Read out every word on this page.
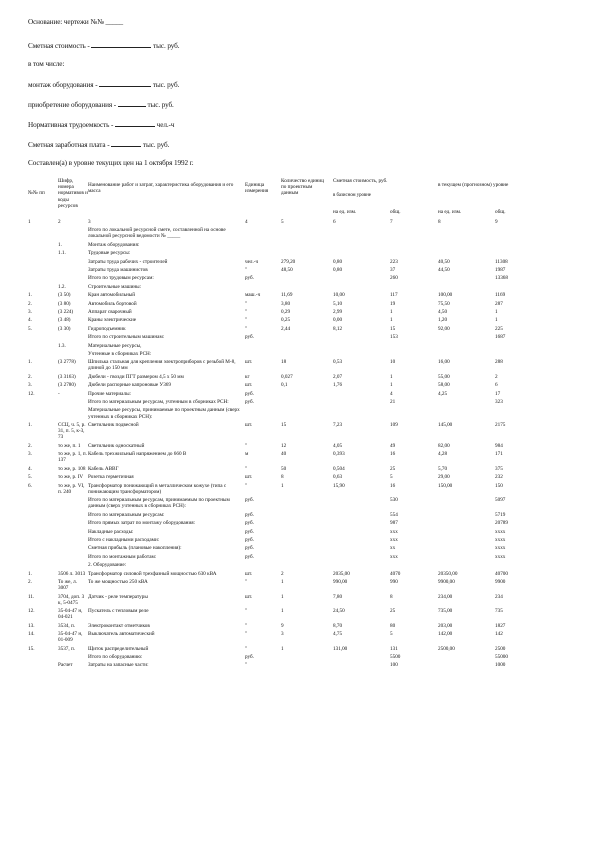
Основание: чертежи №№ _____
Сметная стоимость -	тыс. руб.
в том числе:
монтаж оборудования -	тыс. руб.
приобретение оборудования -	тыс. руб.
Нормативная трудоемкость -	чел.-ч
Сметная заработная плата -	тыс. руб.
Составлен(а) в уровне текущих цен на 1 октября 1992 г.
№№ пп	Шифр, номера нормативов и коды ресурсов	Наименование работ и затрат, характеристика оборудования и его масса	Единица измерения	Количество единиц по проектным данным	Сметная стоимость, руб.		в текущем (прогнозном) уровне	
					в базисном уровне			
					на ед. изм.	общ.	на ед. изм.	общ.
1	2	3	4	5	6	7	8	9
		Итого по локальной ресурсной смете, составленной на основе локальной ресурсной ведомости № _____						
	1.	Монтаж оборудования:						
	1.1.	Трудовые ресурсы:						
		Затраты труда рабочих - строителей	чел.-ч	279,20	0,80	223	40,50	11308
		Затраты труда машинистов	"	48,50	0,80	37	44,50	1987
		Итого по трудовым ресурсам:	руб.			260		13368
	1.2.	Строительные машины:						
1.	(3 50)	Кран автомобильный	маш.-ч	11,69	10,00	117	100,00	1169
2.	(3 80)	Автомобиль бортовой	"	3,80	5,10	19	75,50	287
3.	(3 224)	Аппарат сварочный	"	0,29	2,99	1	4,50	1
4.	(3 48)	Краны электрические	"	0,25	0,00	1	1,20	1
5.	(3 30)	Гидроподъемник	"	2,44	8,12	15	92,00	225
		Итого по строительным машинам:	руб.			153		1687
	1.3.	Материальные ресурсы,						
		Учтенные в сборниках РСН:						
1.	(3 2778)	Шпилька стальная для крепления электроприборов с резьбой М-8, длиной до 150 мм	шт.	18	0,53	10	16,00	288
2.	(3 3163)	Дюбели - гвозди ПГТ размером 4,5 х 50 мм	кг	0,027	2,07	1	55,00	2
3.	(3 2780)	Дюбели распорные капроновые У369	шт.	0,1	1,76	1	58,00	6
12.	-	Прочие материалы:	руб.			4	4,25	17
		Итого по материальным ресурсам, учтенным в сборниках РСН:	руб.			21		323
		Материальные ресурсы, принимаемые по проектным данным (сверх учтенных в сборниках РСН):						
1.	ССЦ, ч. 5, р. 31, п. 5, к-3, 73	Светильник подвесной	шт.	15	7,23	109	145,00	2175
2.	то же, п. 1	Светильник односкатный	"	12	4,05	49	82,00	984
3.	то же, р. 1, п. 137	Кабель трехжильный напряжением до 660 В	м	40	0,393	16	4,28	171
4.	то же, р. 108	Кабель АВВГ	"	50	0,504	25	5,70	375
5.	то же, р. IV	Розетка герметичная	шт.	8	0,63	5	29,00	232
6.	то же, р. VI, п. 240	Трансформатор понижающий в металлическом кожухе (типа с понижающим трансформатором)	"	1	15,90	16	150,00	150
		Итого по материальным ресурсам, принимаемым по проектным данным (сверх учтенных в сборниках РСН):	руб.			530		5097
		Итого по материальным ресурсам:	руб.			554		5719
		Итого прямых затрат по монтажу оборудования:	руб.			987		20789
		Накладные расходы:	руб.			ххх		хххх
		Итого с накладными расходами:	руб.			ххх		хххх
		Сметная прибыль (плановые накопления):	руб.			хх		хххх
		Итого по монтажным работам:	руб.			ххх		хххх
		2. Оборудование:						
1.	3506 л. 3013	Трансформатор силовой трехфазный мощностью 630 кВА	шт.	2	2035,00	4070	20350,00	40700
2.	То же, л. 3007	То же мощностью 250 кВА	"	1	990,00	990	9900,00	9900
11.	3704, доп. 3 к, 5-0475	Датчик - реле температуры	шт.	1	7,80	8	234,00	234
12.	35-04-47 н, 04-021	Пускатель с тепловым реле	"	1	24,50	25	735,00	735
13.	3534, п.	Электроконтакт отметчиков	"	9	8,70	80	203,00	1827
14.	35-04-47 н, 01-009	Выключатель автоматический	"	3	4,75	5	142,00	142
15.	3537, п.	Щиток распределительный	"	1	131,00	131	2500,00	2500
		Итого по оборудованию:	руб.			5500		55000
	Расчет	Затраты на запасные части:	"			100		1000
